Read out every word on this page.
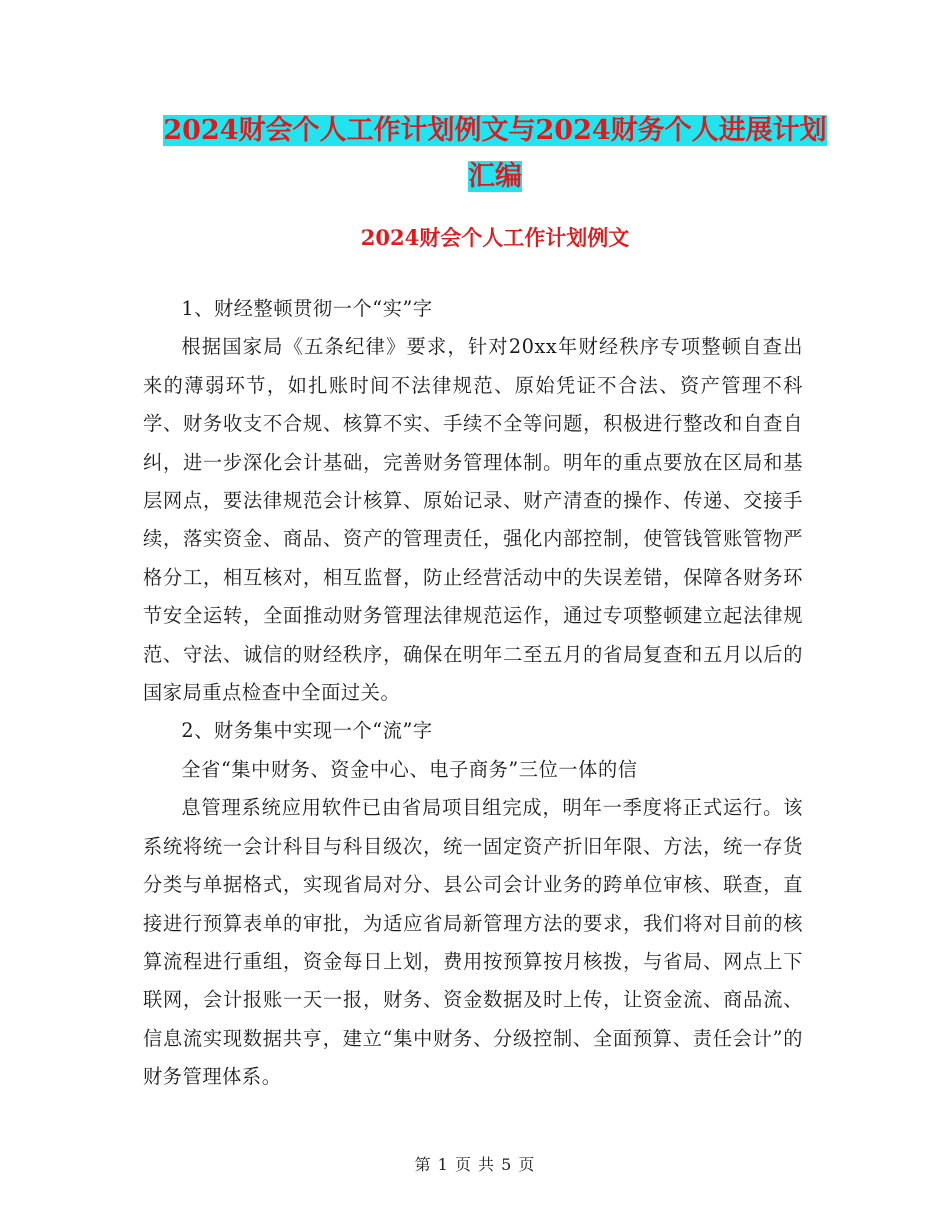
2024财会个人工作计划例文与2024财务个人进展计划
汇编
2024财会个人工作计划例文

1、财经整顿贯彻一个“实”字

根据国家局《五条纪律》要求，针对20xx年财经秩序专项整顿自查出来的薄弱环节，如扎账时间不法律规范、原始凭证不合法、资产管理不科学、财务收支不合规、核算不实、手续不全等问题，积极进行整改和自查自纠，进一步深化会计基础，完善财务管理体制。明年的重点要放在区局和基层网点，要法律规范会计核算、原始记录、财产清查的操作、传递、交接手续，落实资金、商品、资产的管理责任，强化内部控制，使管钱管账管物严格分工，相互核对，相互监督，防止经营活动中的失误差错，保障各财务环节安全运转，全面推动财务管理法律规范运作，通过专项整顿建立起法律规范、守法、诚信的财经秩序，确保在明年二至五月的省局复查和五月以后的国家局重点检查中全面过关。

2、财务集中实现一个“流”字

全省“集中财务、资金中心、电子商务”三位一体的信

息管理系统应用软件已由省局项目组完成，明年一季度将正式运行。该系统将统一会计科目与科目级次，统一固定资产折旧年限、方法，统一存货分类与单据格式，实现省局对分、县公司会计业务的跨单位审核、联查，直接进行预算表单的审批，为适应省局新管理方法的要求，我们将对目前的核算流程进行重组，资金每日上划，费用按预算按月核拨，与省局、网点上下联网，会计报账一天一报，财务、资金数据及时上传，让资金流、商品流、信息流实现数据共亨，建立“集中财务、分级控制、全面预算、责任会计”的财务管理体系。

第 1 页 共 5 页
